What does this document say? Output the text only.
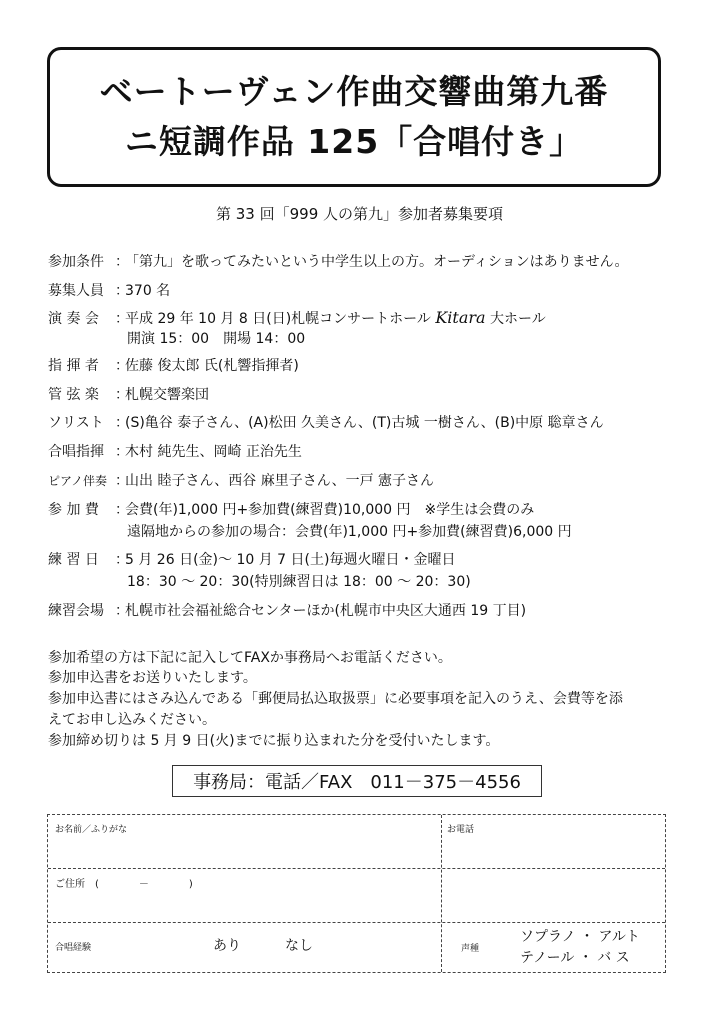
ベートーヴェン作曲交響曲第九番
ニ短調作品 125「合唱付き」
第 33 回「999 人の第九」参加者募集要項
参加条件 ：「第九」を歌ってみたいという中学生以上の方。オーディションはありません。
募集人員 ：370 名
演 奏 会 ：平成 29 年 10 月 8 日(日)札幌コンサートホール Kitara 大ホール
開演 15：00　開場 14：00
指 揮 者 ：佐藤 俊太郎 氏(札響指揮者)
管 弦 楽 ：札幌交響楽団
ソリスト ：(S)亀谷 泰子さん、(A)松田 久美さん、(T)古城 一樹さん、(B)中原 聡章さん
合唱指揮 ：木村 純先生、岡崎 正治先生
ピアノ伴奏 ：山出 睦子さん、西谷 麻里子さん、一戸 憲子さん
参 加 費 ：会費(年)1,000 円+参加費(練習費)10,000 円　※学生は会費のみ
遠隔地からの参加の場合：会費(年)1,000 円+参加費(練習費)6,000 円
練 習 日 ：5 月 26 日(金)～ 10 月 7 日(土)毎週火曜日・金曜日
18：30 ～ 20：30(特別練習日は 18：00 ～ 20：30)
練習会場 ：札幌市社会福祉総合センターほか(札幌市中央区大通西 19 丁目)
参加希望の方は下記に記入してFAXか事務局へお電話ください。
参加申込書をお送りいたします。
参加申込書にはさみ込んである「郵便局払込取扱票」に必要事項を記入のうえ、会費等を添
えてお申し込みください。
参加締め切りは 5 月 9 日(火)までに振り込まれた分を受付いたします。
事務局：電話／FAX　011－375－4556
お名前／ふりがな	お電話
ご住所　(　　　　－　　　　)
合唱経験	あり	なし	声種
ソプラノ ・ アルト
テノール ・ バ ス
